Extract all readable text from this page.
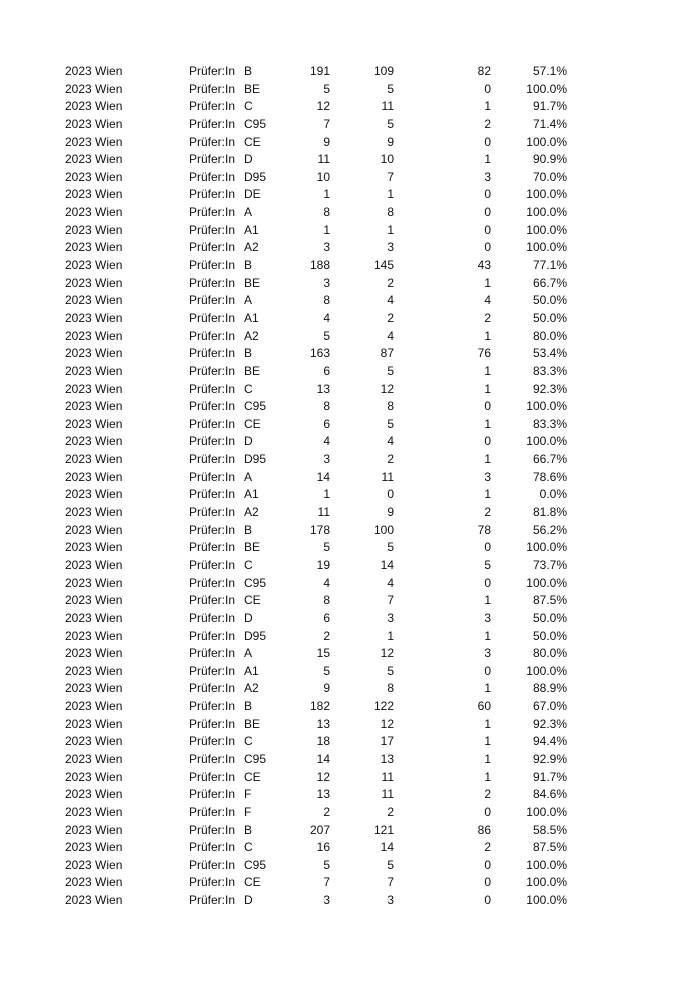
2023 Wien	Prüfer:In B	191	109	82	57.1%
2023 Wien	Prüfer:In BE	5	5	0	100.0%
2023 Wien	Prüfer:In C	12	11	1	91.7%
2023 Wien	Prüfer:In C95	7	5	2	71.4%
2023 Wien	Prüfer:In CE	9	9	0	100.0%
2023 Wien	Prüfer:In D	11	10	1	90.9%
2023 Wien	Prüfer:In D95	10	7	3	70.0%
2023 Wien	Prüfer:In DE	1	1	0	100.0%
2023 Wien	Prüfer:In A	8	8	0	100.0%
2023 Wien	Prüfer:In A1	1	1	0	100.0%
2023 Wien	Prüfer:In A2	3	3	0	100.0%
2023 Wien	Prüfer:In B	188	145	43	77.1%
2023 Wien	Prüfer:In BE	3	2	1	66.7%
2023 Wien	Prüfer:In A	8	4	4	50.0%
2023 Wien	Prüfer:In A1	4	2	2	50.0%
2023 Wien	Prüfer:In A2	5	4	1	80.0%
2023 Wien	Prüfer:In B	163	87	76	53.4%
2023 Wien	Prüfer:In BE	6	5	1	83.3%
2023 Wien	Prüfer:In C	13	12	1	92.3%
2023 Wien	Prüfer:In C95	8	8	0	100.0%
2023 Wien	Prüfer:In CE	6	5	1	83.3%
2023 Wien	Prüfer:In D	4	4	0	100.0%
2023 Wien	Prüfer:In D95	3	2	1	66.7%
2023 Wien	Prüfer:In A	14	11	3	78.6%
2023 Wien	Prüfer:In A1	1	0	1	0.0%
2023 Wien	Prüfer:In A2	11	9	2	81.8%
2023 Wien	Prüfer:In B	178	100	78	56.2%
2023 Wien	Prüfer:In BE	5	5	0	100.0%
2023 Wien	Prüfer:In C	19	14	5	73.7%
2023 Wien	Prüfer:In C95	4	4	0	100.0%
2023 Wien	Prüfer:In CE	8	7	1	87.5%
2023 Wien	Prüfer:In D	6	3	3	50.0%
2023 Wien	Prüfer:In D95	2	1	1	50.0%
2023 Wien	Prüfer:In A	15	12	3	80.0%
2023 Wien	Prüfer:In A1	5	5	0	100.0%
2023 Wien	Prüfer:In A2	9	8	1	88.9%
2023 Wien	Prüfer:In B	182	122	60	67.0%
2023 Wien	Prüfer:In BE	13	12	1	92.3%
2023 Wien	Prüfer:In C	18	17	1	94.4%
2023 Wien	Prüfer:In C95	14	13	1	92.9%
2023 Wien	Prüfer:In CE	12	11	1	91.7%
2023 Wien	Prüfer:In F	13	11	2	84.6%
2023 Wien	Prüfer:In F	2	2	0	100.0%
2023 Wien	Prüfer:In B	207	121	86	58.5%
2023 Wien	Prüfer:In C	16	14	2	87.5%
2023 Wien	Prüfer:In C95	5	5	0	100.0%
2023 Wien	Prüfer:In CE	7	7	0	100.0%
2023 Wien	Prüfer:In D	3	3	0	100.0%
